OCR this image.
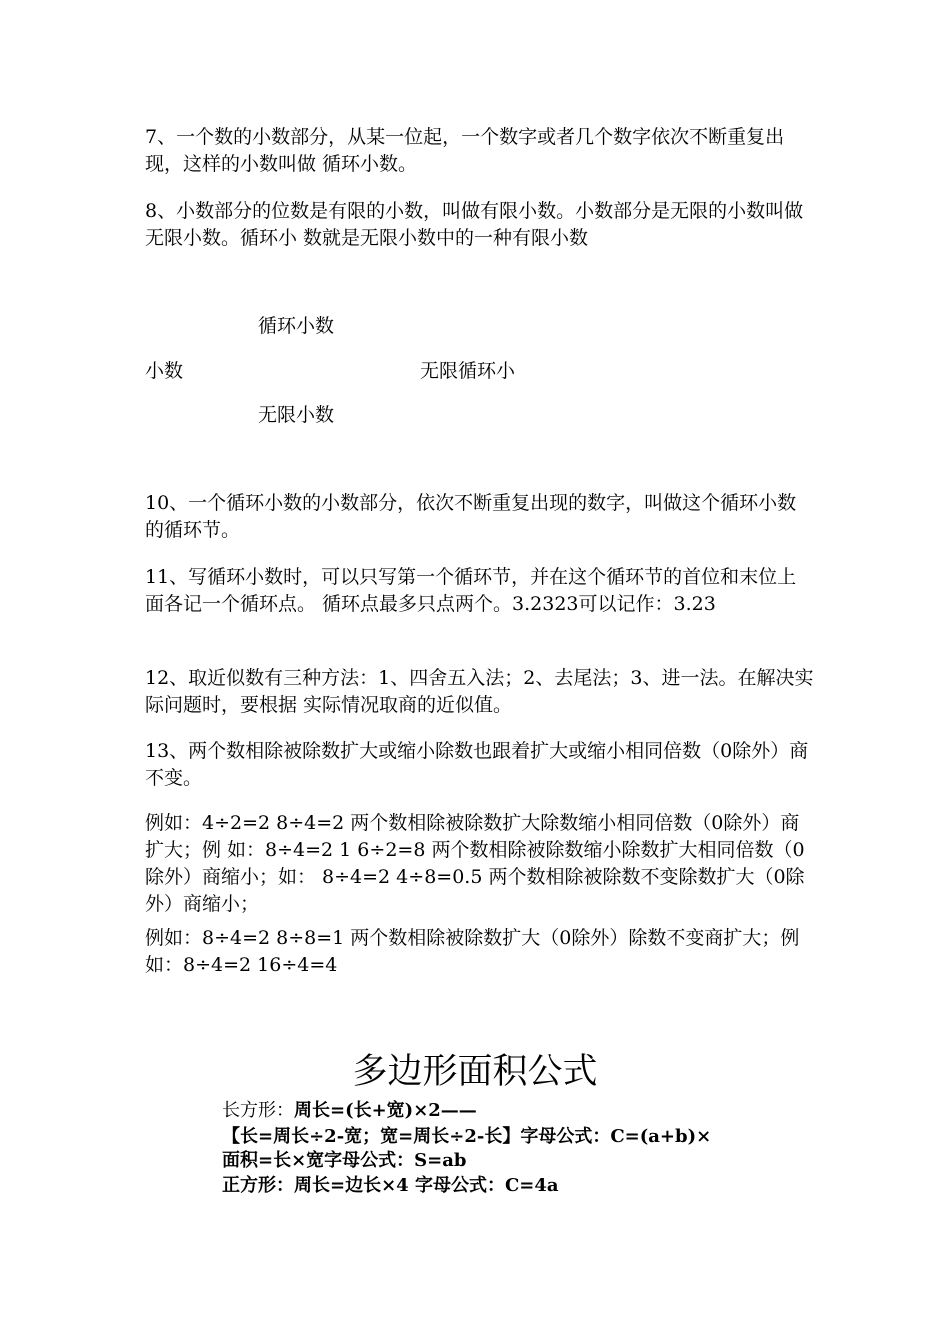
7、一个数的小数部分，从某一位起，一个数字或者几个数字依次不断重复出现，这样的小数叫做 循环小数。

8、小数部分的位数是有限的小数，叫做有限小数。小数部分是无限的小数叫做无限小数。循环小 数就是无限小数中的一种有限小数

循环小数
小数	无限循环小
无限小数

10、一个循环小数的小数部分，依次不断重复出现的数字，叫做这个循环小数的循环节。

11、写循环小数时，可以只写第一个循环节，并在这个循环节的首位和末位上面各记一个循环点。 循环点最多只点两个。3.2323可以记作：3.23

12、取近似数有三种方法：1、四舍五入法；2、去尾法；3、进一法。在解决实际问题时，要根据 实际情况取商的近似值。

13、两个数相除被除数扩大或缩小除数也跟着扩大或缩小相同倍数（0除外）商不变。

例如：4÷2=2 8÷4=2 两个数相除被除数扩大除数缩小相同倍数（0除外）商扩大；例 如：8÷4=2 1 6÷2=8 两个数相除被除数缩小除数扩大相同倍数（0除外）商缩小；如： 8÷4=2 4÷8=0.5 两个数相除被除数不变除数扩大（0除外）商缩小；

例如：8÷4=2 8÷8=1 两个数相除被除数扩大（0除外）除数不变商扩大；例如：8÷4=2 16÷4=4

多边形面积公式
长方形：周长=(长+宽)×2——
【长=周长÷2-宽；宽=周长÷2-长】字母公式：C=(a+b)×
面积=长×宽字母公式：S=ab
正方形：周长=边长×4 字母公式：C=4a
